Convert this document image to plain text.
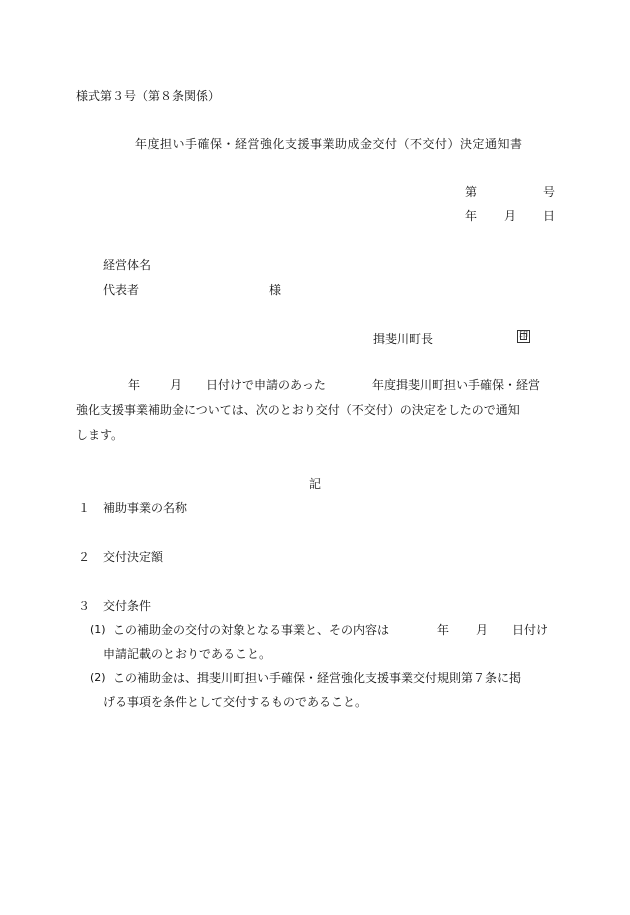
様式第３号（第８条関係）
年度担い手確保・経営強化支援事業助成金交付（不交付）決定通知書
第	号
年 月 日
経営体名
代表者	様
揖斐川町長	印
年 月 日付けで申請のあった	年度揖斐川町担い手確保・経営
強化支援事業補助金については、次のとおり交付（不交付）の決定をしたので通知
します。
記
１ 補助事業の名称
２ 交付決定額
３ 交付条件
(1) この補助金の交付の対象となる事業と、その内容は	年 月 日付け
申請記載のとおりであること。
(2) この補助金は、揖斐川町担い手確保・経営強化支援事業交付規則第７条に掲
げる事項を条件として交付するものであること。
